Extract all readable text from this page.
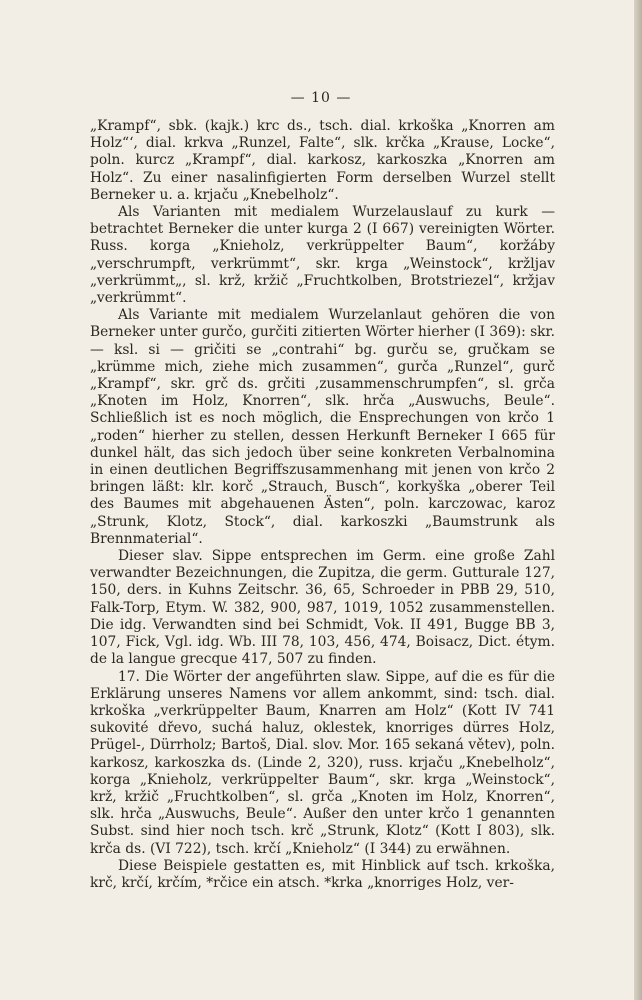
— 10 —

„Krampf“, sbk. (kajk.) krc ds., tsch. dial. krkoška „Knorren am Holz“‘, dial. krkva „Runzel, Falte“, slk. krčka „Krause, Locke“, poln. kurcz „Krampf“, dial. karkosz, karkoszka „Knorren am Holz“. Zu einer nasalinfigierten Form derselben Wurzel stellt Berneker u. a. krjaču „Knebelholz“.

Als Varianten mit medialem Wurzelauslauf zu kurk — betrachtet Berneker die unter kurga 2 (I 667) vereinigten Wörter. Russ. korga „Knieholz, verkrüppelter Baum“, koržáby „verschrumpft, verkrümmt“, skr. krga „Weinstock“, kržljav „verkrümmt„, sl. krž, kržič „Fruchtkolben, Brotstriezel“, kržjav „verkrümmt“.

Als Variante mit medialem Wurzelanlaut gehören die von Berneker unter gurčo, gurčiti zitierten Wörter hierher (I 369): skr. — ksl. si — gričiti se „contrahi“ bg. gurču se, gručkam se „krümme mich, ziehe mich zusammen“, gurča „Runzel“, gurč „Krampf“, skr. grč ds. grčiti ‚zusammenschrumpfen“, sl. grča „Knoten im Holz, Knorren“, slk. hrča „Auswuchs, Beule“. Schließlich ist es noch möglich, die Ensprechungen von krčo 1 „roden“ hierher zu stellen, dessen Herkunft Berneker I 665 für dunkel hält, das sich jedoch über seine konkreten Verbalnomina in einen deutlichen Begriffszusammenhang mit jenen von krčo 2 bringen läßt: klr. korč „Strauch, Busch“, korkyška „oberer Teil des Baumes mit abgehauenen Ästen“, poln. karczowac, karoz „Strunk, Klotz, Stock“, dial. karkoszki „Baumstrunk als Brennmaterial“.

Dieser slav. Sippe entsprechen im Germ. eine große Zahl verwandter Bezeichnungen, die Zupitza, die germ. Gutturale 127, 150, ders. in Kuhns Zeitschr. 36, 65, Schroeder in PBB 29, 510, Falk-Torp, Etym. W. 382, 900, 987, 1019, 1052 zusammenstellen. Die idg. Verwandten sind bei Schmidt, Vok. II 491, Bugge BB 3, 107, Fick, Vgl. idg. Wb. III 78, 103, 456, 474, Boisacz, Dict. étym. de la langue grecque 417, 507 zu finden.

17. Die Wörter der angeführten slaw. Sippe, auf die es für die Erklärung unseres Namens vor allem ankommt, sind: tsch. dial. krkoška „verkrüppelter Baum, Knarren am Holz“ (Kott IV 741 sukovité dřevo, suchá haluz, oklestek, knorriges dürres Holz, Prügel-, Dürrholz; Bartoš, Dial. slov. Mor. 165 sekaná větev), poln. karkosz, karkoszka ds. (Linde 2, 320), russ. krjaču „Knebelholz“, korga „Knieholz, verkrüppelter Baum“, skr. krga „Weinstock“, krž, kržič „Fruchtkolben“, sl. grča „Knoten im Holz, Knorren“, slk. hrča „Auswuchs, Beule“. Außer den unter krčo 1 genannten Subst. sind hier noch tsch. krč „Strunk, Klotz“ (Kott I 803), slk. krča ds. (VI 722), tsch. krčí „Knieholz“ (I 344) zu erwähnen.

Diese Beispiele gestatten es, mit Hinblick auf tsch. krkoška, krč, krčí, krčím, *rčice ein atsch. *krka „knorriges Holz, ver-
